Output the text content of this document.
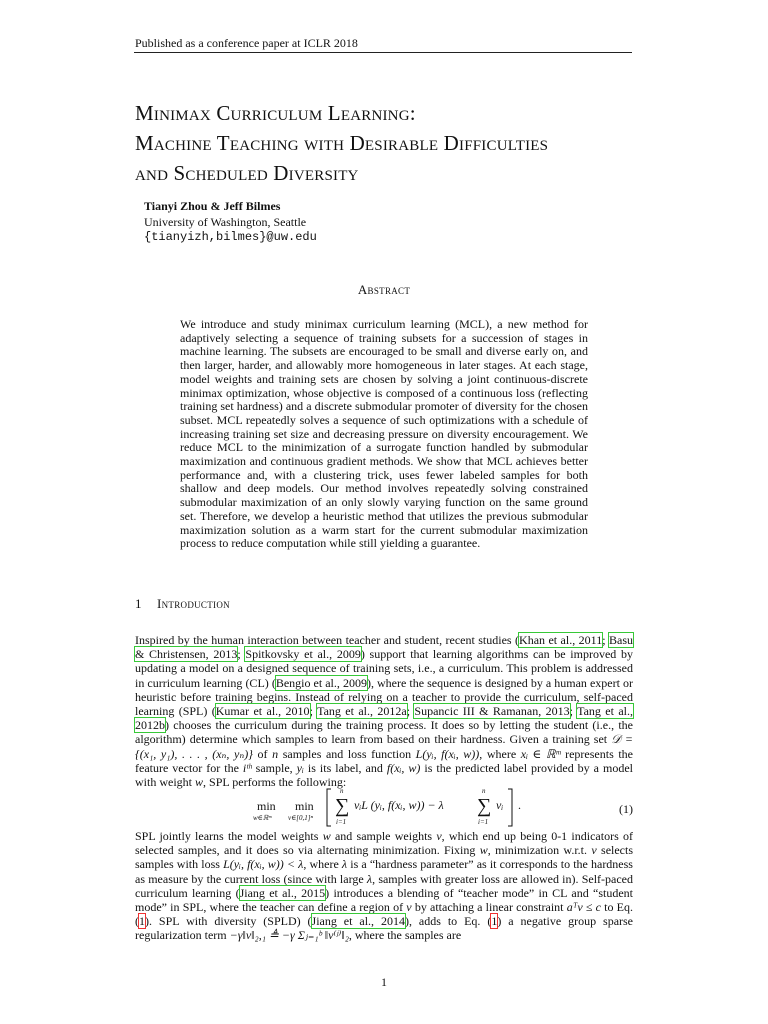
Published as a conference paper at ICLR 2018
Minimax Curriculum Learning:
Machine Teaching with Desirable Difficulties
and Scheduled Diversity
Tianyi Zhou & Jeff Bilmes
University of Washington, Seattle
{tianyizh,bilmes}@uw.edu
Abstract

We introduce and study minimax curriculum learning (MCL), a new method for adaptively selecting a sequence of training subsets for a succession of stages in machine learning. The subsets are encouraged to be small and diverse early on, and then larger, harder, and allowably more homogeneous in later stages. At each stage, model weights and training sets are chosen by solving a joint continuous-discrete minimax optimization, whose objective is composed of a continuous loss (reflecting training set hardness) and a discrete submodular promoter of diversity for the chosen subset. MCL repeatedly solves a sequence of such optimizations with a schedule of increasing training set size and decreasing pressure on diversity encouragement. We reduce MCL to the minimization of a surrogate function handled by submodular maximization and continuous gradient methods. We show that MCL achieves better performance and, with a clustering trick, uses fewer labeled samples for both shallow and deep models. Our method involves repeatedly solving constrained submodular maximization of an only slowly varying function on the same ground set. Therefore, we develop a heuristic method that utilizes the previous submodular maximization solution as a warm start for the current submodular maximization process to reduce computation while still yielding a guarantee.

1 Introduction

Inspired by the human interaction between teacher and student, recent studies (Khan et al., 2011; Basu & Christensen, 2013; Spitkovsky et al., 2009) support that learning algorithms can be improved by updating a model on a designed sequence of training sets, i.e., a curriculum. This problem is addressed in curriculum learning (CL) (Bengio et al., 2009), where the sequence is designed by a human expert or heuristic before training begins. Instead of relying on a teacher to provide the curriculum, self-paced learning (SPL) (Kumar et al., 2010; Tang et al., 2012a; Supancic III & Ramanan, 2013; Tang et al., 2012b) chooses the curriculum during the training process. It does so by letting the student (i.e., the algorithm) determine which samples to learn from based on their hardness. Given a training set 𝒟 = {(x₁, y₁), . . . , (xₙ, yₙ)} of n samples and loss function L(yᵢ, f(xᵢ, w)), where xᵢ ∈ ℝᵐ represents the feature vector for the iᵗʰ sample, yᵢ is its label, and f(xᵢ, w) is the predicted label provided by a model with weight w, SPL performs the following:

min
w∈ℝᵐ
min
ν∈[0,1]ⁿ
n
∑
i=1
νᵢL (yᵢ, f(xᵢ, w)) − λ
n
∑
i=1
νᵢ .	(1)

SPL jointly learns the model weights w and sample weights ν, which end up being 0-1 indicators of selected samples, and it does so via alternating minimization. Fixing w, minimization w.r.t. ν selects samples with loss L(yᵢ, f(xᵢ, w)) < λ, where λ is a “hardness parameter” as it corresponds to the hardness as measure by the current loss (since with large λ, samples with greater loss are allowed in). Self-paced curriculum learning (Jiang et al., 2015) introduces a blending of “teacher mode” in CL and “student mode” in SPL, where the teacher can define a region of ν by attaching a linear constraint aᵀν ≤ c to Eq. (1). SPL with diversity (SPLD) (Jiang et al., 2014), adds to Eq. (1) a negative group sparse regularization term −γ‖ν‖₂,₁ ≜ −γ Σⱼ₌₁ᵇ ‖ν⁽ʲ⁾‖₂, where the samples are

1
